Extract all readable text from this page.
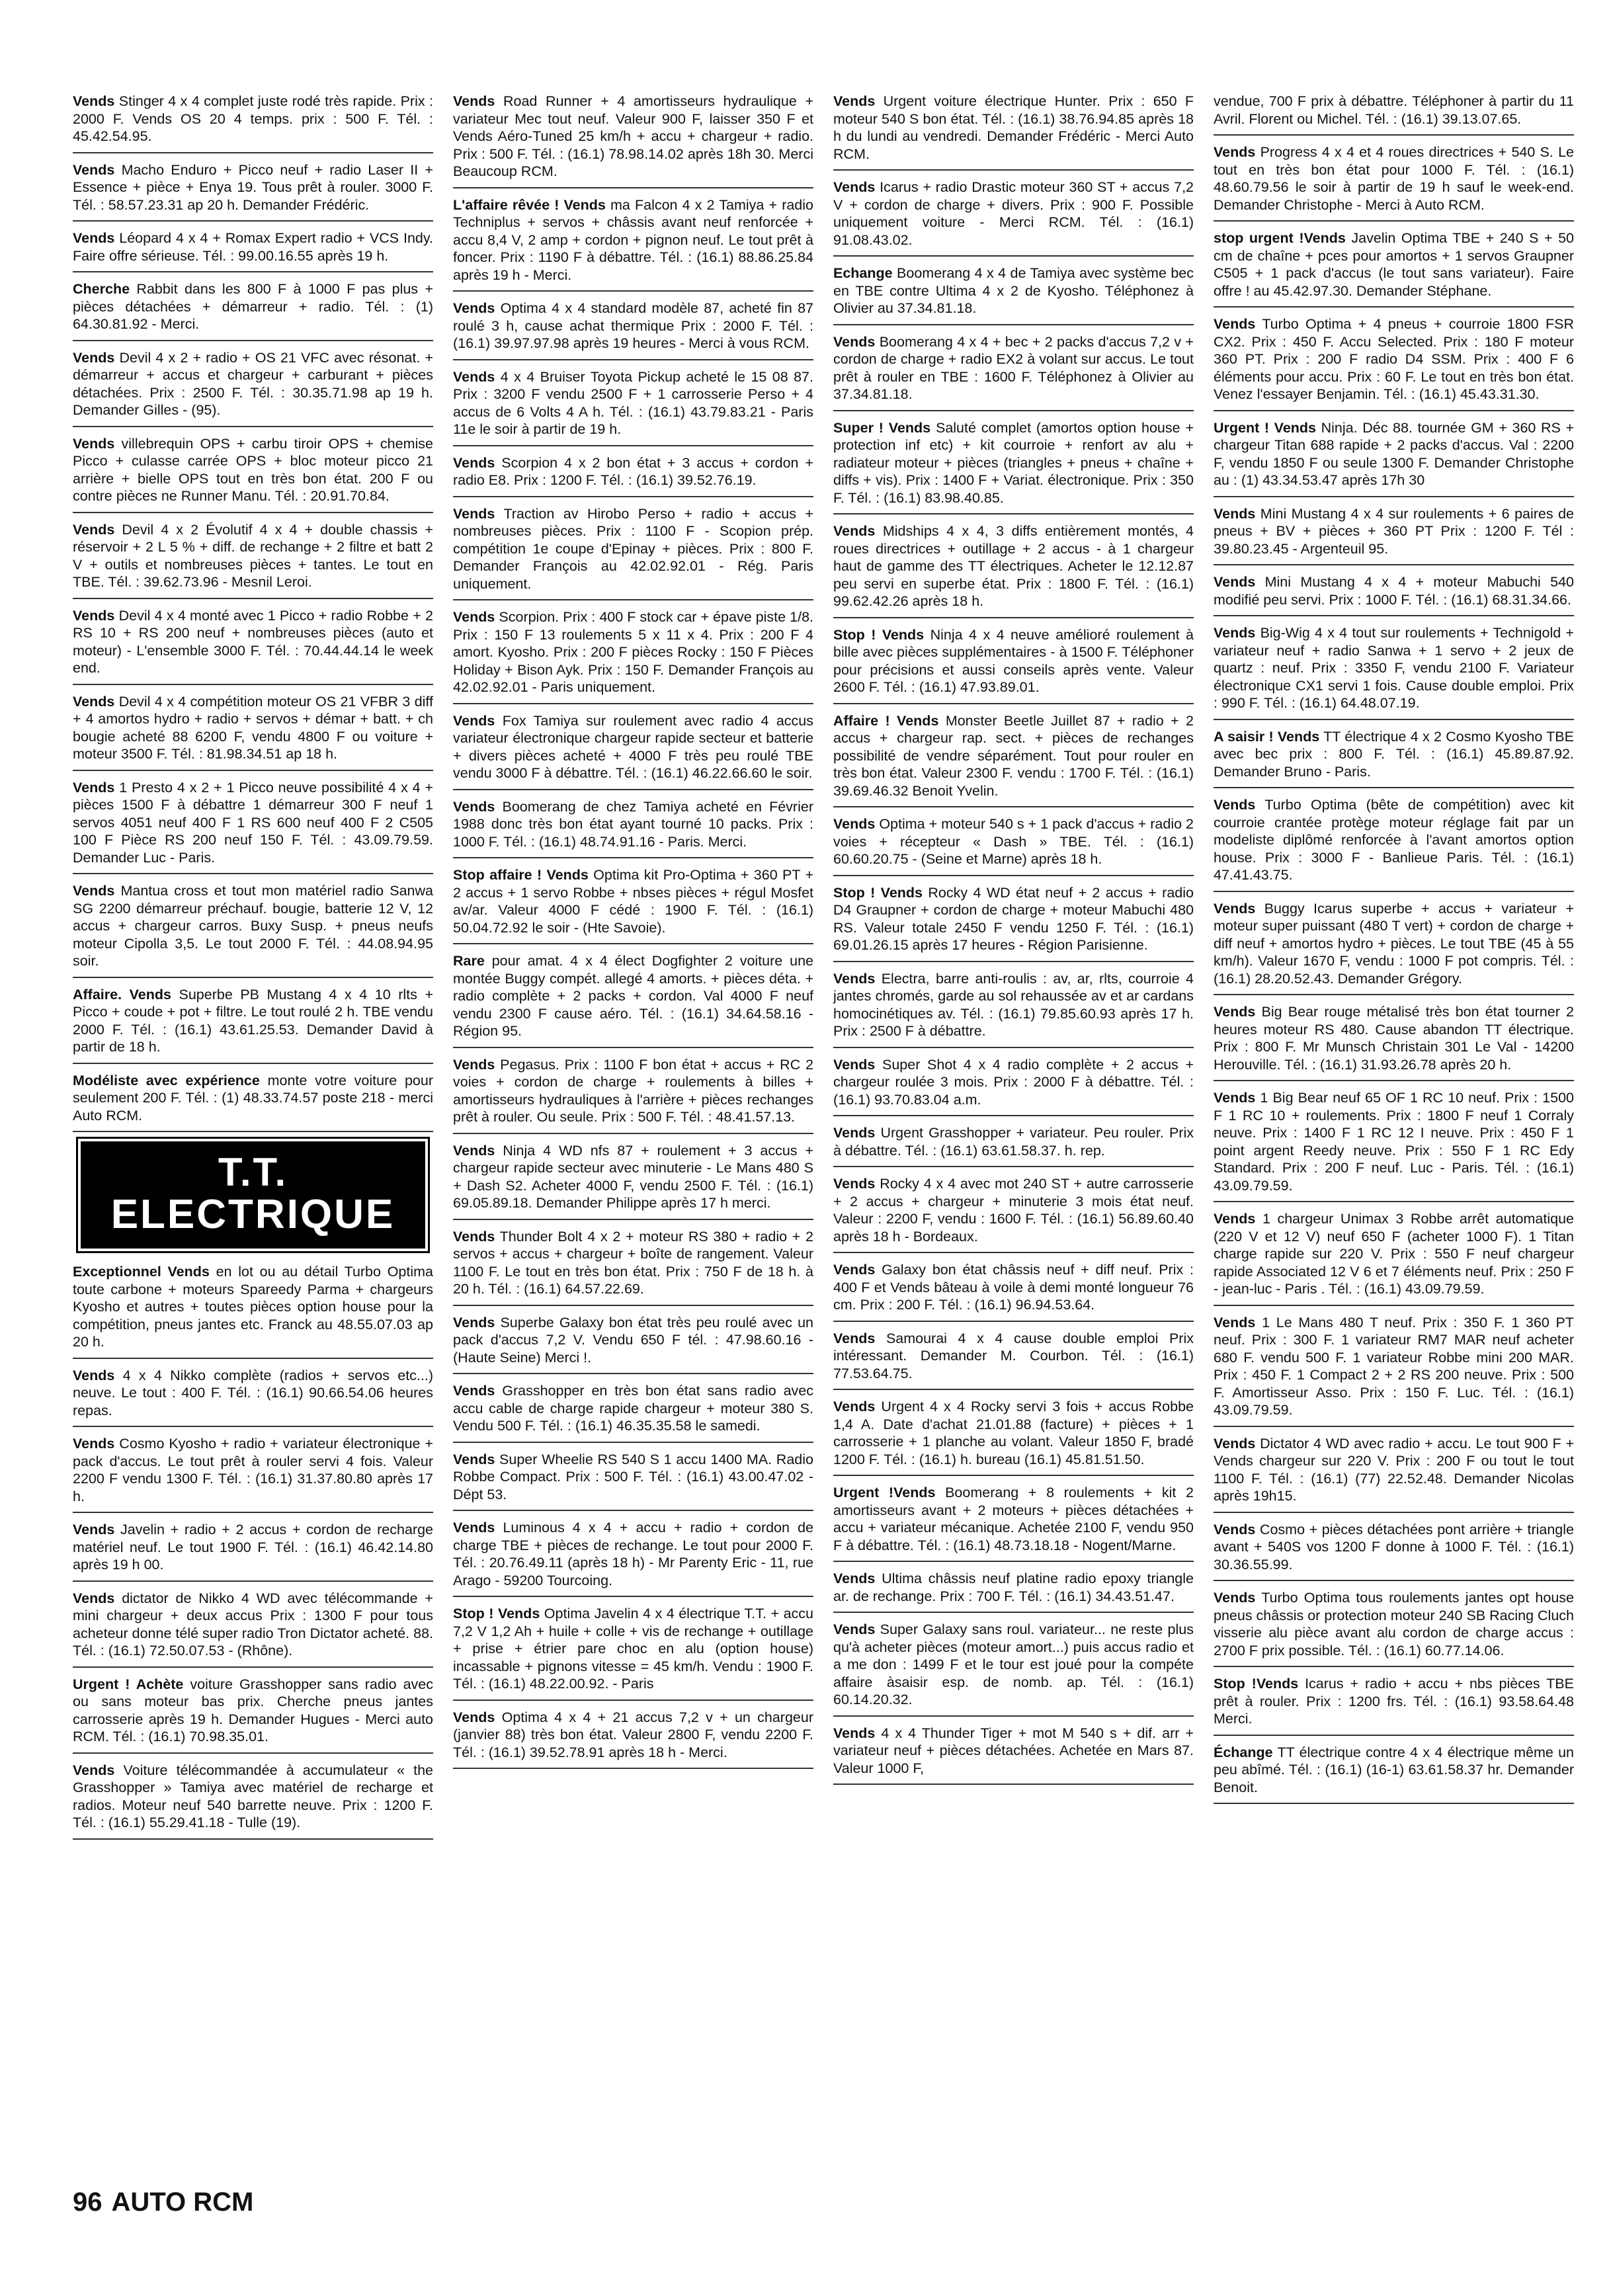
Vends Stinger 4 x 4 complet juste rodé très rapide. Prix : 2000 F. Vends OS 20 4 temps. prix : 500 F. Tél. : 45.42.54.95.
Vends Macho Enduro + Picco neuf + radio Laser II + Essence + pièce + Enya 19. Tous prêt à rouler. 3000 F. Tél. : 58.57.23.31 ap 20 h. Demander Frédéric.
Vends Léopard 4 x 4 + Romax Expert radio + VCS Indy. Faire offre sérieuse. Tél. : 99.00.16.55 après 19 h.
Cherche Rabbit dans les 800 F à 1000 F pas plus + pièces détachées + démarreur + radio. Tél. : (1) 64.30.81.92 - Merci.
Vends Devil 4 x 2 + radio + OS 21 VFC avec résonat. + démarreur + accus et chargeur + carburant + pièces détachées. Prix : 2500 F. Tél. : 30.35.71.98 ap 19 h. Demander Gilles - (95).
Vends villebrequin OPS + carbu tiroir OPS + chemise Picco + culasse carrée OPS + bloc moteur picco 21 arrière + bielle OPS tout en très bon état. 200 F ou contre pièces ne Runner Manu. Tél. : 20.91.70.84.
Vends Devil 4 x 2 Évolutif 4 x 4 + double chassis + réservoir + 2 L 5 % + diff. de rechange + 2 filtre et batt 2 V + outils et nombreuses pièces + tantes. Le tout en TBE. Tél. : 39.62.73.96 - Mesnil Leroi.
Vends Devil 4 x 4 monté avec 1 Picco + radio Robbe + 2 RS 10 + RS 200 neuf + nombreuses pièces (auto et moteur) - L'ensemble 3000 F. Tél. : 70.44.44.14 le week end.
Vends Devil 4 x 4 compétition moteur OS 21 VFBR 3 diff + 4 amortos hydro + radio + servos + démar + batt. + ch bougie acheté 88 6200 F, vendu 4800 F ou voiture + moteur 3500 F. Tél. : 81.98.34.51 ap 18 h.
Vends 1 Presto 4 x 2 + 1 Picco neuve possibilité 4 x 4 + pièces 1500 F à débattre 1 démarreur 300 F neuf 1 servos 4051 neuf 400 F 1 RS 600 neuf 400 F 2 C505 100 F Pièce RS 200 neuf 150 F. Tél. : 43.09.79.59. Demander Luc - Paris.
Vends Mantua cross et tout mon matériel radio Sanwa SG 2200 démarreur préchauf. bougie, batterie 12 V, 12 accus + chargeur carros. Buxy Susp. + pneus neufs moteur Cipolla 3,5. Le tout 2000 F. Tél. : 44.08.94.95 soir.
Affaire. Vends Superbe PB Mustang 4 x 4 10 rlts + Picco + coude + pot + filtre. Le tout roulé 2 h. TBE vendu 2000 F. Tél. : (16.1) 43.61.25.53. Demander David à partir de 18 h.
Modéliste avec expérience monte votre voiture pour seulement 200 F. Tél. : (1) 48.33.74.57 poste 218 - merci Auto RCM.
T.T.
ELECTRIQUE
Exceptionnel Vends en lot ou au détail Turbo Optima toute carbone + moteurs Spareedy Parma + chargeurs Kyosho et autres + toutes pièces option house pour la compétition, pneus jantes etc. Franck au 48.55.07.03 ap 20 h.
Vends 4 x 4 Nikko complète (radios + servos etc...) neuve. Le tout : 400 F. Tél. : (16.1) 90.66.54.06 heures repas.
Vends Cosmo Kyosho + radio + variateur électronique + pack d'accus. Le tout prêt à rouler servi 4 fois. Valeur 2200 F vendu 1300 F. Tél. : (16.1) 31.37.80.80 après 17 h.
Vends Javelin + radio + 2 accus + cordon de recharge matériel neuf. Le tout 1900 F. Tél. : (16.1) 46.42.14.80 après 19 h 00.
Vends dictator de Nikko 4 WD avec télécommande + mini chargeur + deux accus Prix : 1300 F pour tous acheteur donne télé super radio Tron Dictator acheté. 88. Tél. : (16.1) 72.50.07.53 - (Rhône).
Urgent ! Achète voiture Grasshopper sans radio avec ou sans moteur bas prix. Cherche pneus jantes carrosserie après 19 h. Demander Hugues - Merci auto RCM. Tél. : (16.1) 70.98.35.01.
Vends Voiture télécommandée à accumulateur « the Grasshopper » Tamiya avec matériel de recharge et radios. Moteur neuf 540 barrette neuve. Prix : 1200 F. Tél. : (16.1) 55.29.41.18 - Tulle (19).
Vends Road Runner + 4 amortisseurs hydraulique + variateur Mec tout neuf. Valeur 900 F, laisser 350 F et Vends Aéro-Tuned 25 km/h + accu + chargeur + radio. Prix : 500 F. Tél. : (16.1) 78.98.14.02 après 18h 30. Merci Beaucoup RCM.
L'affaire rêvée ! Vends ma Falcon 4 x 2 Tamiya + radio Techniplus + servos + châssis avant neuf renforcée + accu 8,4 V, 2 amp + cordon + pignon neuf. Le tout prêt à foncer. Prix : 1190 F à débattre. Tél. : (16.1) 88.86.25.84 après 19 h - Merci.
Vends Optima 4 x 4 standard modèle 87, acheté fin 87 roulé 3 h, cause achat thermique Prix : 2000 F. Tél. : (16.1) 39.97.97.98 après 19 heures - Merci à vous RCM.
Vends 4 x 4 Bruiser Toyota Pickup acheté le 15 08 87. Prix : 3200 F vendu 2500 F + 1 carrosserie Perso + 4 accus de 6 Volts 4 A h. Tél. : (16.1) 43.79.83.21 - Paris 11e le soir à partir de 19 h.
Vends Scorpion 4 x 2 bon état + 3 accus + cordon + radio E8. Prix : 1200 F. Tél. : (16.1) 39.52.76.19.
Vends Traction av Hirobo Perso + radio + accus + nombreuses pièces. Prix : 1100 F - Scopion prép. compétition 1e coupe d'Epinay + pièces. Prix : 800 F. Demander François au 42.02.92.01 - Rég. Paris uniquement.
Vends Scorpion. Prix : 400 F stock car + épave piste 1/8. Prix : 150 F 13 roulements 5 x 11 x 4. Prix : 200 F 4 amort. Kyosho. Prix : 200 F pièces Rocky : 150 F Pièces Holiday + Bison Ayk. Prix : 150 F. Demander François au 42.02.92.01 - Paris uniquement.
Vends Fox Tamiya sur roulement avec radio 4 accus variateur électronique chargeur rapide secteur et batterie + divers pièces acheté + 4000 F très peu roulé TBE vendu 3000 F à débattre. Tél. : (16.1) 46.22.66.60 le soir.
Vends Boomerang de chez Tamiya acheté en Février 1988 donc très bon état ayant tourné 10 packs. Prix : 1000 F. Tél. : (16.1) 48.74.91.16 - Paris. Merci.
Stop affaire ! Vends Optima kit Pro-Optima + 360 PT + 2 accus + 1 servo Robbe + nbses pièces + régul Mosfet av/ar. Valeur 4000 F cédé : 1900 F. Tél. : (16.1) 50.04.72.92 le soir - (Hte Savoie).
Rare pour amat. 4 x 4 élect Dogfighter 2 voiture une montée Buggy compét. allegé 4 amorts. + pièces déta. + radio complète + 2 packs + cordon. Val 4000 F neuf vendu 2300 F cause aéro. Tél. : (16.1) 34.64.58.16 - Région 95.
Vends Pegasus. Prix : 1100 F bon état + accus + RC 2 voies + cordon de charge + roulements à billes + amortisseurs hydrauliques à l'arrière + pièces rechanges prêt à rouler. Ou seule. Prix : 500 F. Tél. : 48.41.57.13.
Vends Ninja 4 WD nfs 87 + roulement + 3 accus + chargeur rapide secteur avec minuterie - Le Mans 480 S + Dash S2. Acheter 4000 F, vendu 2500 F. Tél. : (16.1) 69.05.89.18. Demander Philippe après 17 h merci.
Vends Thunder Bolt 4 x 2 + moteur RS 380 + radio + 2 servos + accus + chargeur + boîte de rangement. Valeur 1100 F. Le tout en très bon état. Prix : 750 F de 18 h. à 20 h. Tél. : (16.1) 64.57.22.69.
Vends Superbe Galaxy bon état très peu roulé avec un pack d'accus 7,2 V. Vendu 650 F tél. : 47.98.60.16 - (Haute Seine) Merci !.
Vends Grasshopper en très bon état sans radio avec accu cable de charge rapide chargeur + moteur 380 S. Vendu 500 F. Tél. : (16.1) 46.35.35.58 le samedi.
Vends Super Wheelie RS 540 S 1 accu 1400 MA. Radio Robbe Compact. Prix : 500 F. Tél. : (16.1) 43.00.47.02 - Dépt 53.
Vends Luminous 4 x 4 + accu + radio + cordon de charge TBE + pièces de rechange. Le tout pour 2000 F. Tél. : 20.76.49.11 (après 18 h) - Mr Parenty Eric - 11, rue Arago - 59200 Tourcoing.
Stop ! Vends Optima Javelin 4 x 4 électrique T.T. + accu 7,2 V 1,2 Ah + huile + colle + vis de rechange + outillage + prise + étrier pare choc en alu (option house) incassable + pignons vitesse = 45 km/h. Vendu : 1900 F. Tél. : (16.1) 48.22.00.92. - Paris
Vends Optima 4 x 4 + 21 accus 7,2 v + un chargeur (janvier 88) très bon état. Valeur 2800 F, vendu 2200 F. Tél. : (16.1) 39.52.78.91 après 18 h - Merci.
Vends Urgent voiture électrique Hunter. Prix : 650 F moteur 540 S bon état. Tél. : (16.1) 38.76.94.85 après 18 h du lundi au vendredi. Demander Frédéric - Merci Auto RCM.
Vends Icarus + radio Drastic moteur 360 ST + accus 7,2 V + cordon de charge + divers. Prix : 900 F. Possible uniquement voiture - Merci RCM. Tél. : (16.1) 91.08.43.02.
Echange Boomerang 4 x 4 de Tamiya avec système bec en TBE contre Ultima 4 x 2 de Kyosho. Téléphonez à Olivier au 37.34.81.18.
Vends Boomerang 4 x 4 + bec + 2 packs d'accus 7,2 v + cordon de charge + radio EX2 à volant sur accus. Le tout prêt à rouler en TBE : 1600 F. Téléphonez à Olivier au 37.34.81.18.
Super ! Vends Saluté complet (amortos option house + protection inf etc) + kit courroie + renfort av alu + radiateur moteur + pièces (triangles + pneus + chaîne + diffs + vis). Prix : 1400 F + Variat. électronique. Prix : 350 F. Tél. : (16.1) 83.98.40.85.
Vends Midships 4 x 4, 3 diffs entièrement montés, 4 roues directrices + outillage + 2 accus - à 1 chargeur haut de gamme des TT électriques. Acheter le 12.12.87 peu servi en superbe état. Prix : 1800 F. Tél. : (16.1) 99.62.42.26 après 18 h.
Stop ! Vends Ninja 4 x 4 neuve amélioré roulement à bille avec pièces supplémentaires - à 1500 F. Téléphoner pour précisions et aussi conseils après vente. Valeur 2600 F. Tél. : (16.1) 47.93.89.01.
Affaire ! Vends Monster Beetle Juillet 87 + radio + 2 accus + chargeur rap. sect. + pièces de rechanges possibilité de vendre séparément. Tout pour rouler en très bon état. Valeur 2300 F. vendu : 1700 F. Tél. : (16.1) 39.69.46.32 Benoit Yvelin.
Vends Optima + moteur 540 s + 1 pack d'accus + radio 2 voies + récepteur « Dash » TBE. Tél. : (16.1) 60.60.20.75 - (Seine et Marne) après 18 h.
Stop ! Vends Rocky 4 WD état neuf + 2 accus + radio D4 Graupner + cordon de charge + moteur Mabuchi 480 RS. Valeur totale 2450 F vendu 1250 F. Tél. : (16.1) 69.01.26.15 après 17 heures - Région Parisienne.
Vends Electra, barre anti-roulis : av, ar, rlts, courroie 4 jantes chromés, garde au sol rehaussée av et ar cardans homocinétiques av. Tél. : (16.1) 79.85.60.93 après 17 h. Prix : 2500 F à débattre.
Vends Super Shot 4 x 4 radio complète + 2 accus + chargeur roulée 3 mois. Prix : 2000 F à débattre. Tél. : (16.1) 93.70.83.04 a.m.
Vends Urgent Grasshopper + variateur. Peu rouler. Prix à débattre. Tél. : (16.1) 63.61.58.37. h. rep.
Vends Rocky 4 x 4 avec mot 240 ST + autre carrosserie + 2 accus + chargeur + minuterie 3 mois état neuf. Valeur : 2200 F, vendu : 1600 F. Tél. : (16.1) 56.89.60.40 après 18 h - Bordeaux.
Vends Galaxy bon état châssis neuf + diff neuf. Prix : 400 F et Vends bâteau à voile à demi monté longueur 76 cm. Prix : 200 F. Tél. : (16.1) 96.94.53.64.
Vends Samourai 4 x 4 cause double emploi Prix intéressant. Demander M. Courbon. Tél. : (16.1) 77.53.64.75.
Vends Urgent 4 x 4 Rocky servi 3 fois + accus Robbe 1,4 A. Date d'achat 21.01.88 (facture) + pièces + 1 carrosserie + 1 planche au volant. Valeur 1850 F, bradé 1200 F. Tél. : (16.1) h. bureau (16.1) 45.81.51.50.
Urgent !Vends Boomerang + 8 roulements + kit 2 amortisseurs avant + 2 moteurs + pièces détachées + accu + variateur mécanique. Achetée 2100 F, vendu 950 F à débattre. Tél. : (16.1) 48.73.18.18 - Nogent/Marne.
Vends Ultima châssis neuf platine radio epoxy triangle ar. de rechange. Prix : 700 F. Tél. : (16.1) 34.43.51.47.
Vends Super Galaxy sans roul. variateur... ne reste plus qu'à acheter pièces (moteur amort...) puis accus radio et a me don : 1499 F et le tour est joué pour la compéte affaire àsaisir esp. de nomb. ap. Tél. : (16.1) 60.14.20.32.
Vends 4 x 4 Thunder Tiger + mot M 540 s + dif. arr + variateur neuf + pièces détachées. Achetée en Mars 87. Valeur 1000 F,
vendue, 700 F prix à débattre. Téléphoner à partir du 11 Avril. Florent ou Michel. Tél. : (16.1) 39.13.07.65.
Vends Progress 4 x 4 et 4 roues directrices + 540 S. Le tout en très bon état pour 1000 F. Tél. : (16.1) 48.60.79.56 le soir à partir de 19 h sauf le week-end. Demander Christophe - Merci à Auto RCM.
stop urgent !Vends Javelin Optima TBE + 240 S + 50 cm de chaîne + pces pour amortos + 1 servos Graupner C505 + 1 pack d'accus (le tout sans variateur). Faire offre ! au 45.42.97.30. Demander Stéphane.
Vends Turbo Optima + 4 pneus + courroie 1800 FSR CX2. Prix : 450 F. Accu Selected. Prix : 180 F moteur 360 PT. Prix : 200 F radio D4 SSM. Prix : 400 F 6 éléments pour accu. Prix : 60 F. Le tout en très bon état. Venez l'essayer Benjamin. Tél. : (16.1) 45.43.31.30.
Urgent ! Vends Ninja. Déc 88. tournée GM + 360 RS + chargeur Titan 688 rapide + 2 packs d'accus. Val : 2200 F, vendu 1850 F ou seule 1300 F. Demander Christophe au : (1) 43.34.53.47 après 17h 30
Vends Mini Mustang 4 x 4 sur roulements + 6 paires de pneus + BV + pièces + 360 PT Prix : 1200 F. Tél : 39.80.23.45 - Argenteuil 95.
Vends Mini Mustang 4 x 4 + moteur Mabuchi 540 modifié peu servi. Prix : 1000 F. Tél. : (16.1) 68.31.34.66.
Vends Big-Wig 4 x 4 tout sur roulements + Technigold + variateur neuf + radio Sanwa + 1 servo + 2 jeux de quartz : neuf. Prix : 3350 F, vendu 2100 F. Variateur électronique CX1 servi 1 fois. Cause double emploi. Prix : 990 F. Tél. : (16.1) 64.48.07.19.
A saisir ! Vends TT électrique 4 x 2 Cosmo Kyosho TBE avec bec prix : 800 F. Tél. : (16.1) 45.89.87.92. Demander Bruno - Paris.
Vends Turbo Optima (bête de compétition) avec kit courroie crantée protège moteur réglage fait par un modeliste diplômé renforcée à l'avant amortos option house. Prix : 3000 F - Banlieue Paris. Tél. : (16.1) 47.41.43.75.
Vends Buggy Icarus superbe + accus + variateur + moteur super puissant (480 T vert) + cordon de charge + diff neuf + amortos hydro + pièces. Le tout TBE (45 à 55 km/h). Valeur 1670 F, vendu : 1000 F pot compris. Tél. : (16.1) 28.20.52.43. Demander Grégory.
Vends Big Bear rouge métalisé très bon état tourner 2 heures moteur RS 480. Cause abandon TT électrique. Prix : 800 F. Mr Munsch Christain 301 Le Val - 14200 Herouville. Tél. : (16.1) 31.93.26.78 après 20 h.
Vends 1 Big Bear neuf 65 OF 1 RC 10 neuf. Prix : 1500 F 1 RC 10 + roulements. Prix : 1800 F neuf 1 Corraly neuve. Prix : 1400 F 1 RC 12 I neuve. Prix : 450 F 1 point argent Reedy neuve. Prix : 550 F 1 RC Edy Standard. Prix : 200 F neuf. Luc - Paris. Tél. : (16.1) 43.09.79.59.
Vends 1 chargeur Unimax 3 Robbe arrêt automatique (220 V et 12 V) neuf 650 F (acheter 1000 F). 1 Titan charge rapide sur 220 V. Prix : 550 F neuf chargeur rapide Associated 12 V 6 et 7 éléments neuf. Prix : 250 F - jean-luc - Paris . Tél. : (16.1) 43.09.79.59.
Vends 1 Le Mans 480 T neuf. Prix : 350 F. 1 360 PT neuf. Prix : 300 F. 1 variateur RM7 MAR neuf acheter 680 F. vendu 500 F. 1 variateur Robbe mini 200 MAR. Prix : 450 F. 1 Compact 2 + 2 RS 200 neuve. Prix : 500 F. Amortisseur Asso. Prix : 150 F. Luc. Tél. : (16.1) 43.09.79.59.
Vends Dictator 4 WD avec radio + accu. Le tout 900 F + Vends chargeur sur 220 V. Prix : 200 F ou tout le tout 1100 F. Tél. : (16.1) (77) 22.52.48. Demander Nicolas après 19h15.
Vends Cosmo + pièces détachées pont arrière + triangle avant + 540S vos 1200 F donne à 1000 F. Tél. : (16.1) 30.36.55.99.
Vends Turbo Optima tous roulements jantes opt house pneus châssis or protection moteur 240 SB Racing Cluch visserie alu pièce avant alu cordon de charge accus : 2700 F prix possible. Tél. : (16.1) 60.77.14.06.
Stop !Vends Icarus + radio + accu + nbs pièces TBE prêt à rouler. Prix : 1200 frs. Tél. : (16.1) 93.58.64.48 Merci.
Échange TT électrique contre 4 x 4 électrique même un peu abîmé. Tél. : (16.1) (16-1) 63.61.58.37 hr. Demander Benoit.
96 AUTO RCM
